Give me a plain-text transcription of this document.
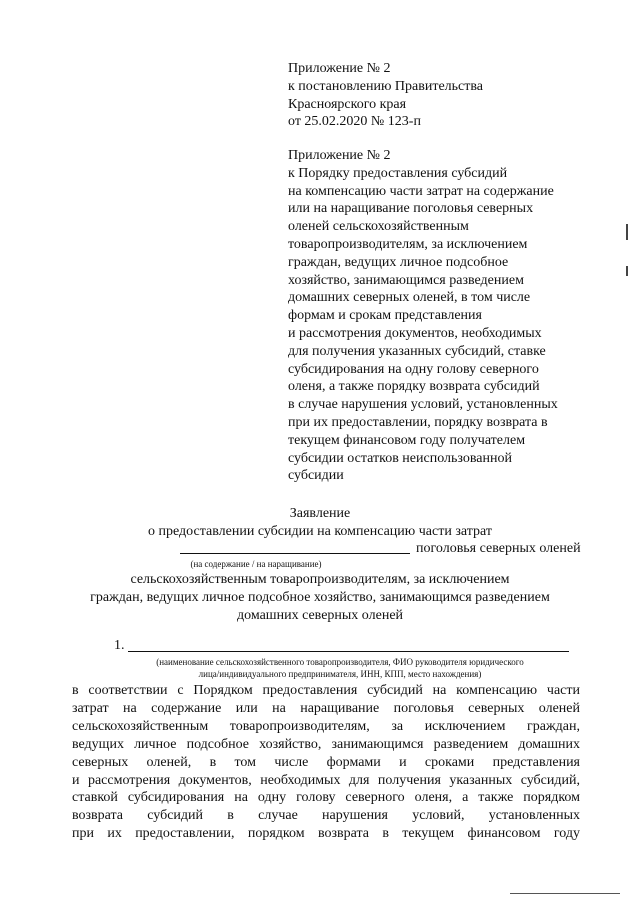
Приложение № 2
к постановлению Правительства
Красноярского края
от 25.02.2020 № 123-п
Приложение № 2
к Порядку предоставления субсидий
на компенсацию части затрат на содержание
или на наращивание поголовья северных
оленей сельскохозяйственным
товаропроизводителям, за исключением
граждан, ведущих личное подсобное
хозяйство, занимающимся разведением
домашних северных оленей, в том числе
формам и срокам представления
и рассмотрения документов, необходимых
для получения указанных субсидий, ставке
субсидирования на одну голову северного
оленя, а также порядку возврата субсидий
в случае нарушения условий, установленных
при их предоставлении, порядку возврата в
текущем финансовом году получателем
субсидии остатков неиспользованной
субсидии
Заявление
о предоставлении субсидии на компенсацию части затрат
поголовья северных оленей
(на содержание / на наращивание)
сельскохозяйственным товаропроизводителям, за исключением
граждан, ведущих личное подсобное хозяйство, занимающимся разведением
домашних северных оленей
1.
(наименование сельскохозяйственного товаропроизводителя, ФИО руководителя юридического
лица/индивидуального предпринимателя, ИНН, КПП, место нахождения)
в соответствии с Порядком предоставления субсидий на компенсацию части
затрат на содержание или на наращивание поголовья северных оленей
сельскохозяйственным товаропроизводителям, за исключением граждан,
ведущих личное подсобное хозяйство, занимающимся разведением домашних
северных оленей, в том числе формами и сроками представления
и рассмотрения документов, необходимых для получения указанных субсидий,
ставкой субсидирования на одну голову северного оленя, а также порядком
возврата субсидий в случае нарушения условий, установленных
при их предоставлении, порядком возврата в текущем финансовом году
